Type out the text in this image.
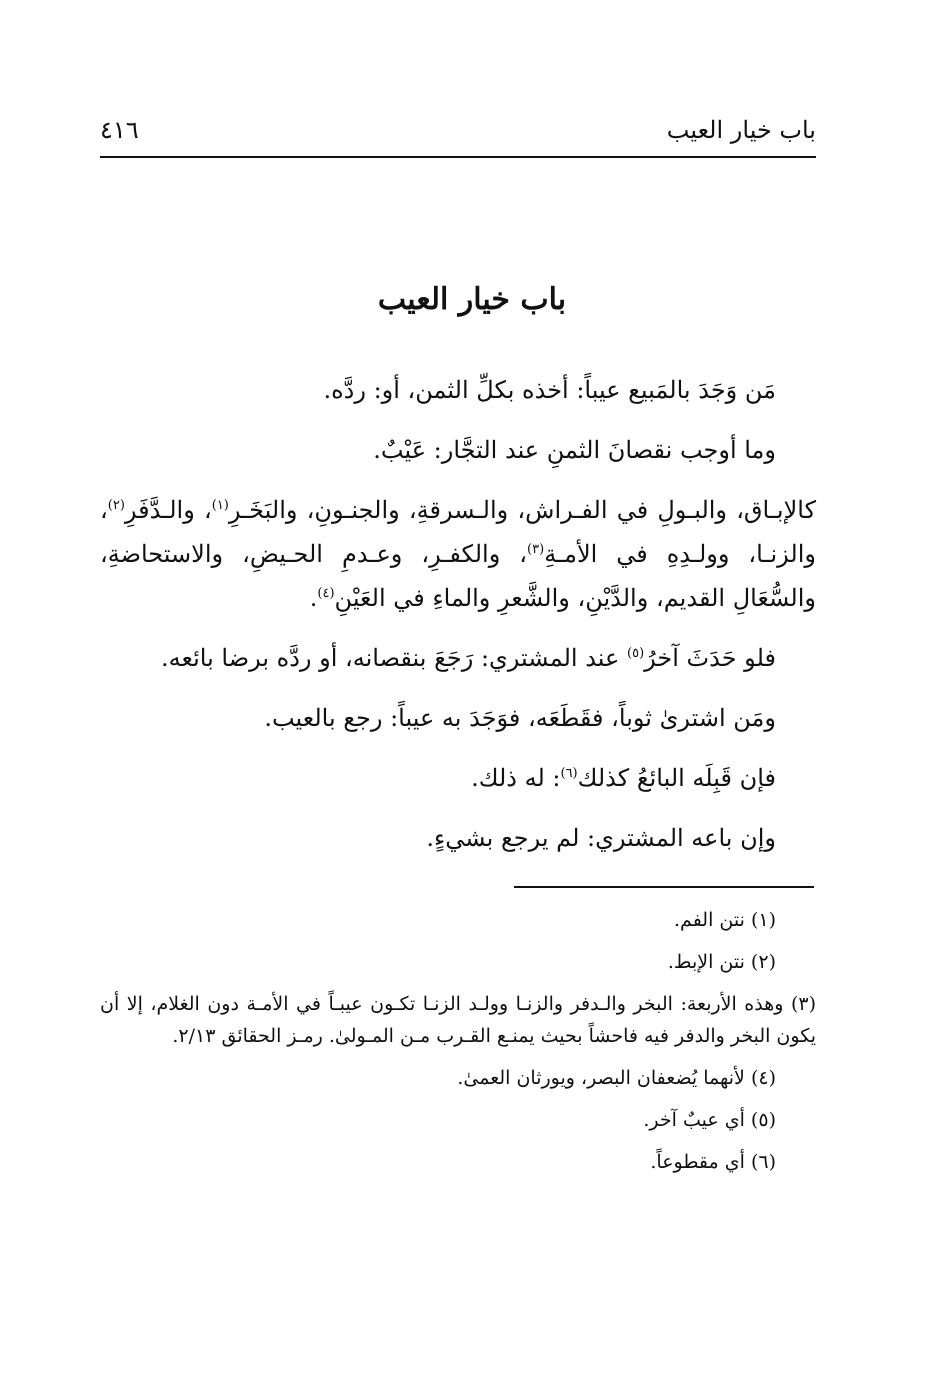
باب خيار العيب
٤١٦
باب خيار العيب

مَن وَجَدَ بالمَبيع عيباً: أخذه بكلِّ الثمن، أو: ردَّه.

وما أوجب نقصانَ الثمنِ عند التجَّار: عَيْبٌ.

كالإبـاق، والبـولِ في الفـراش، والـسرقةِ، والجنـونِ، والبَخَـرِ$^{(١)}$، والـدَّفَرِ$^{(٢)}$، والزنـا، وولـدِهِ في الأمـةِ$^{(٣)}$، والكفـرِ، وعـدمِ الحـيضِ، والاستحاضةِ، والسُّعَالِ القديم، والدَّيْنِ، والشَّعرِ والماءِ في العَيْنِ$^{(٤)}$.

فلو حَدَثَ آخرُ$^{(٥)}$ عند المشتري: رَجَعَ بنقصانه، أو ردَّه برضا بائعه.

ومَن اشترىٰ ثوباً، فقَطَعَه، فوَجَدَ به عيباً: رجع بالعيب.

فإن قَبِلَه البائعُ كذلك$^{(٦)}$: له ذلك.

وإن باعه المشتري: لم يرجع بشيءٍ.

(١) نتن الفم.

(٢) نتن الإبط.

(٣) وهذه الأربعة: البخر والـدفر والزنـا وولـد الزنـا تكـون عيبـاً في الأمـة دون الغلام، إلا أن يكون البخر والدفر فيه فاحشاً بحيث يمنـع القـرب مـن المـولىٰ. رمـز الحقائق ٢/١٣.

(٤) لأنهما يُضعفان البصر، ويورثان العمىٰ.

(٥) أي عيبٌ آخر.

(٦) أي مقطوعاً.
